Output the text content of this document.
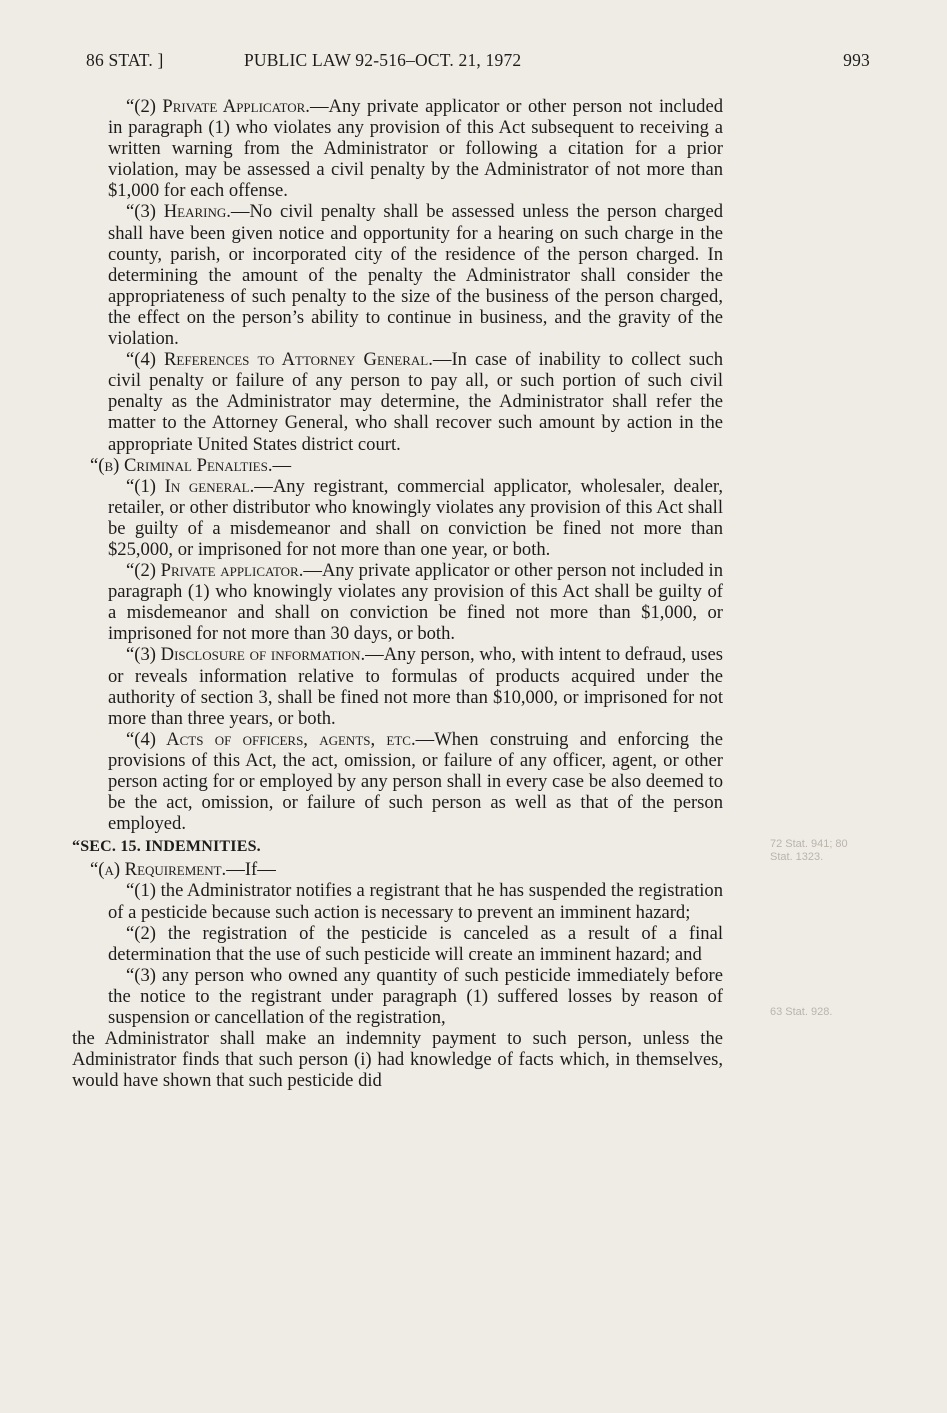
86 STAT. ]	PUBLIC LAW 92-516–OCT. 21, 1972	993
72 Stat. 941; 80 Stat. 1323.
63 Stat. 928.

“(2) Private Applicator.—Any private applicator or other person not included in paragraph (1) who violates any provision of this Act subsequent to receiving a written warning from the Administrator or following a citation for a prior violation, may be assessed a civil penalty by the Administrator of not more than $1,000 for each offense.

“(3) Hearing.—No civil penalty shall be assessed unless the person charged shall have been given notice and opportunity for a hearing on such charge in the county, parish, or incorporated city of the residence of the person charged. In determining the amount of the penalty the Administrator shall consider the appropriateness of such penalty to the size of the business of the person charged, the effect on the person’s ability to continue in business, and the gravity of the violation.

“(4) References to Attorney General.—In case of inability to collect such civil penalty or failure of any person to pay all, or such portion of such civil penalty as the Administrator may determine, the Administrator shall refer the matter to the Attorney General, who shall recover such amount by action in the appropriate United States district court.

“(b) Criminal Penalties.—

“(1) In general.—Any registrant, commercial applicator, wholesaler, dealer, retailer, or other distributor who knowingly violates any provision of this Act shall be guilty of a misdemeanor and shall on conviction be fined not more than $25,000, or imprisoned for not more than one year, or both.

“(2) Private applicator.—Any private applicator or other person not included in paragraph (1) who knowingly violates any provision of this Act shall be guilty of a misdemeanor and shall on conviction be fined not more than $1,000, or imprisoned for not more than 30 days, or both.

“(3) Disclosure of information.—Any person, who, with intent to defraud, uses or reveals information relative to formulas of products acquired under the authority of section 3, shall be fined not more than $10,000, or imprisoned for not more than three years, or both.

“(4) Acts of officers, agents, etc.—When construing and enforcing the provisions of this Act, the act, omission, or failure of any officer, agent, or other person acting for or employed by any person shall in every case be also deemed to be the act, omission, or failure of such person as well as that of the person employed.

“SEC. 15. INDEMNITIES.

“(a) Requirement.—If—

“(1) the Administrator notifies a registrant that he has suspended the registration of a pesticide because such action is necessary to prevent an imminent hazard;

“(2) the registration of the pesticide is canceled as a result of a final determination that the use of such pesticide will create an imminent hazard; and

“(3) any person who owned any quantity of such pesticide immediately before the notice to the registrant under paragraph (1) suffered losses by reason of suspension or cancellation of the registration,

the Administrator shall make an indemnity payment to such person, unless the Administrator finds that such person (i) had knowledge of facts which, in themselves, would have shown that such pesticide did
